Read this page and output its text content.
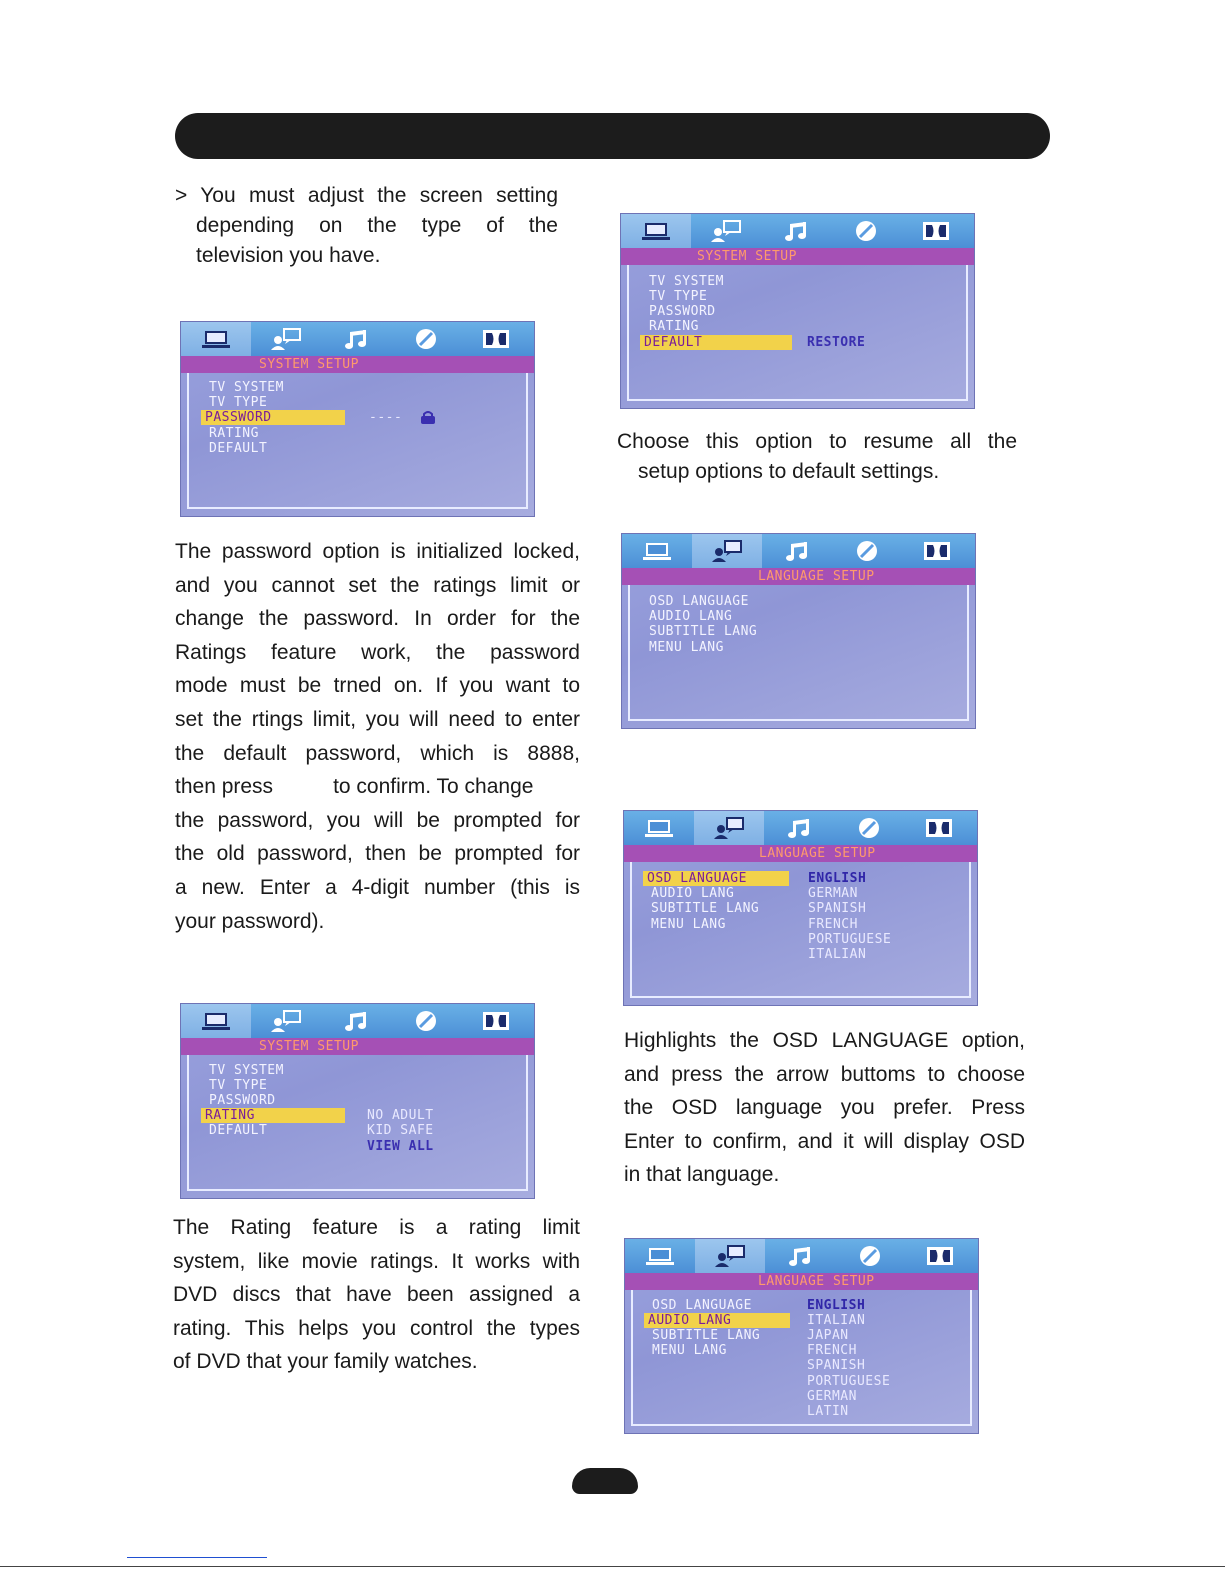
> You must adjust the screen setting
depending on the type of the
television you have.
The password option is initialized locked,
and you cannot set the ratings limit or
change the password. In order for the
Ratings feature work, the password
mode must be trned on. If you want to
set the rtings limit, you will need to enter
the default password, which is 8888,
then press	to confirm. To change
the password, you will be prompted for
the old password, then be prompted for
a new. Enter a 4-digit number (this is
your password).
The Rating feature is a rating limit
system, like movie ratings. It works with
DVD discs that have been assigned a
rating. This helps you control the types
of DVD that your family watches.
Choose this option to resume all the
setup options to default settings.
Highlights the OSD LANGUAGE option,
and press the arrow buttoms to choose
the OSD language you prefer. Press
Enter to confirm, and it will display OSD
in that language.
SYSTEM SETUP
TV SYSTEM
TV TYPE
PASSWORD
RATING
DEFAULT
----
SYSTEM SETUP
TV SYSTEM
TV TYPE
PASSWORD
RATING
DEFAULT
NO ADULT
KID SAFE
VIEW ALL
SYSTEM SETUP
TV SYSTEM
TV TYPE
PASSWORD
RATING
DEFAULT	RESTORE
LANGUAGE SETUP
OSD LANGUAGE
AUDIO LANG
SUBTITLE LANG
MENU LANG
LANGUAGE SETUP
OSD LANGUAGE
AUDIO LANG
SUBTITLE LANG
MENU LANG
ENGLISH
GERMAN
SPANISH
FRENCH
PORTUGUESE
ITALIAN
LANGUAGE SETUP
OSD LANGUAGE
AUDIO LANG
SUBTITLE LANG
MENU LANG
ENGLISH
ITALIAN
JAPAN
FRENCH
SPANISH
PORTUGUESE
GERMAN
LATIN
